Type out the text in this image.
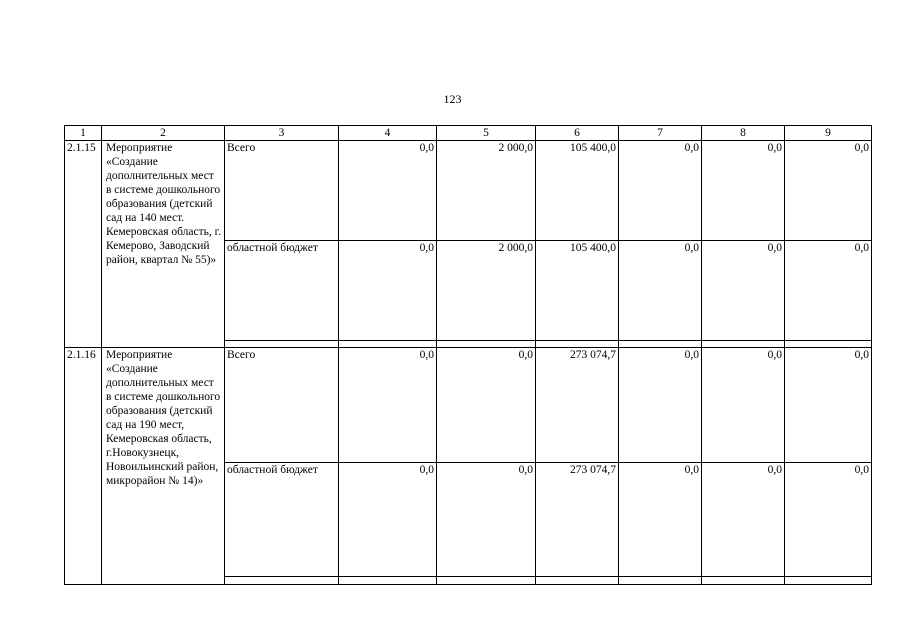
123
1	2	3	4	5	6	7	8	9
2.1.15	Мероприятие «Создание дополнительных мест в системе дошкольного образования (детский сад на 140 мест. Кемеровская область, г. Кемерово, Заводский район, квартал № 55)»	Всего	0,0	2 000,0	105 400,0	0,0	0,0	0,0
		областной бюджет	0,0	2 000,0	105 400,0	0,0	0,0	0,0

2.1.16	Мероприятие «Создание дополнительных мест в системе дошкольного образования (детский сад на 190 мест, Кемеровская область, г.Новокузнецк, Новоильинский район, микрорайон № 14)»	Всего	0,0	0,0	273 074,7	0,0	0,0	0,0
		областной бюджет	0,0	0,0	273 074,7	0,0	0,0	0,0
